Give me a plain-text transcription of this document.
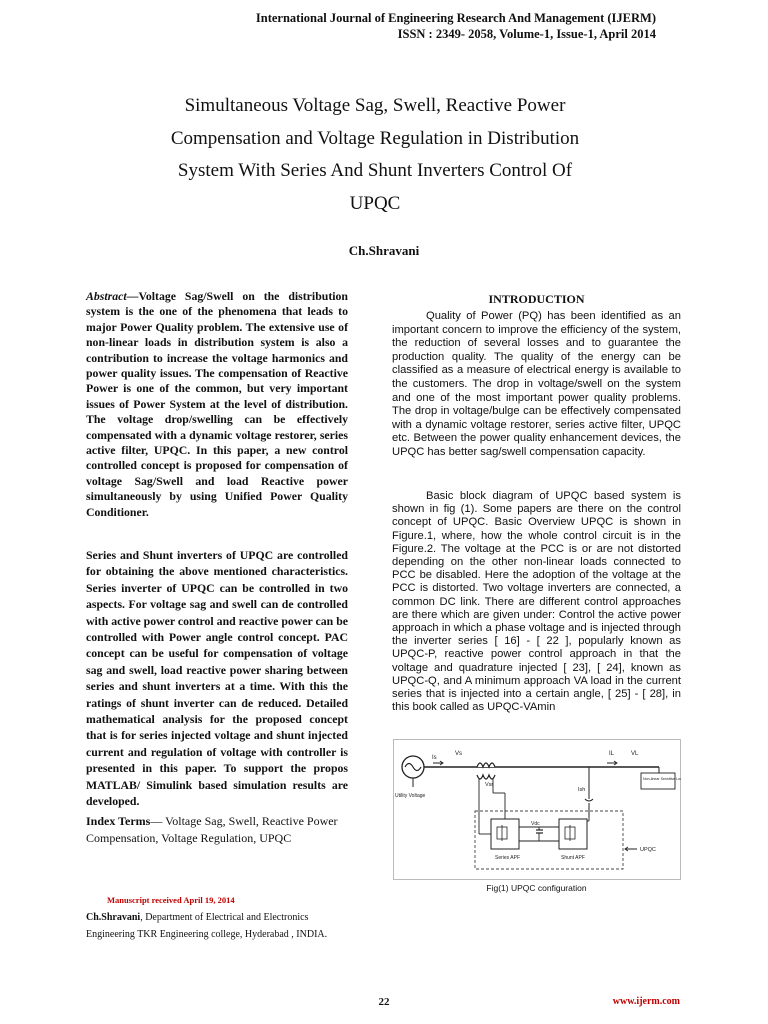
International Journal of Engineering Research And Management (IJERM)
ISSN : 2349- 2058, Volume-1, Issue-1, April 2014
Simultaneous Voltage Sag, Swell, Reactive Power
Compensation and Voltage Regulation in Distribution
System With Series And Shunt Inverters Control Of
UPQC
Ch.Shravani

Abstract—Voltage Sag/Swell on the distribution system is the one of the phenomena that leads to major Power Quality problem. The extensive use of non-linear loads in distribution system is also a contribution to increase the voltage harmonics and power quality issues. The compensation of Reactive Power is one of the common, but very important issues of Power System at the level of distribution. The voltage drop/swelling can be effectively compensated with a dynamic voltage restorer, series active filter, UPQC. In this paper, a new control controlled concept is proposed for compensation of voltage Sag/Swell and load Reactive power simultaneously by using Unified Power Quality Conditioner.

Series and Shunt inverters of UPQC are controlled for obtaining the above mentioned characteristics. Series inverter of UPQC can be controlled in two aspects. For voltage sag and swell can de controlled with active power control and reactive power can be controlled with Power angle control concept. PAC concept can be useful for compensation of voltage sag and swell, load reactive power sharing between series and shunt inverters at a time. With this the ratings of shunt inverter can de reduced. Detailed mathematical analysis for the proposed concept that is for series injected voltage and shunt injected current and regulation of voltage with controller is presented in this paper. To support the propos MATLAB/ Simulink based simulation results are developed.

Index Terms— Voltage Sag, Swell, Reactive Power Compensation, Voltage Regulation, UPQC
Manuscript received April 19, 2014
Ch.Shravani, Department of Electrical and Electronics Engineering TKR Engineering college, Hyderabad , INDIA.
INTRODUCTION

Quality of Power (PQ) has been identified as an important concern to improve the efficiency of the system, the reduction of several losses and to guarantee the production quality. The quality of the energy can be classified as a measure of electrical energy is available to the customers. The drop in voltage/swell on the system and one of the most important power quality problems. The drop in voltage/bulge can be effectively compensated with a dynamic voltage restorer, series active filter, UPQC etc. Between the power quality enhancement devices, the UPQC has better sag/swell compensation capacity.

Basic block diagram of UPQC based system is shown in fig (1). Some papers are there on the control concept of UPQC. Basic Overview UPQC is shown in Figure.1, where, how the whole control circuit is in the Figure.2. The voltage at the PCC is or are not distorted depending on the other non-linear loads connected to PCC be disabled. Here the adoption of the voltage at the PCC is distorted. Two voltage inverters are connected, a common DC link. There are different control approaches are there which are given under: Control the active power approach in which a phase voltage and is injected through the inverter series [ 16] - [ 22 ], popularly known as UPQC-P, reactive power control approach in that the voltage and quadrature injected [ 23], [ 24], known as UPQC-Q, and A minimum approach VA load in the current series that is injected into a certain angle, [ 25] - [ 28], in this book called as UPQC-VAmin

Utility Voltage
Is
Vs	IL	VL
Vsr
Ish
Non-linear Sensitive Load
Vdc
Series APF	Shunt APF
UPQC
Fig(1) UPQC configuration
22	www.ijerm.com
